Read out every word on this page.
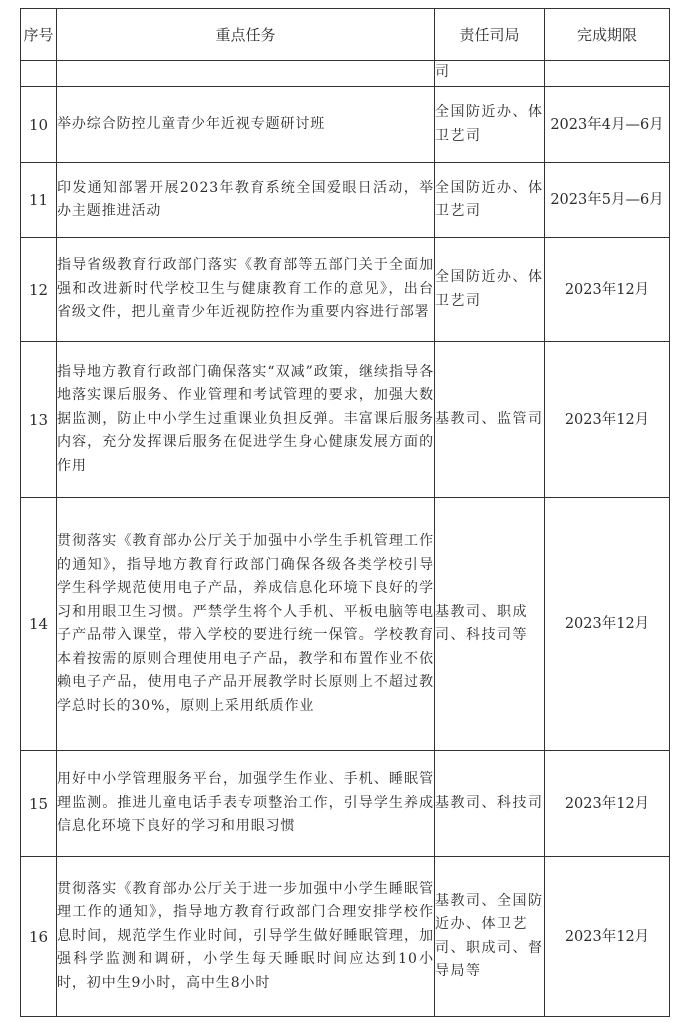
序号	重点任务	责任司局	完成期限
		司	
10	举办综合防控儿童青少年近视专题研讨班	全国防近办、体卫艺司	2023年4月—6月
11	印发通知部署开展2023年教育系统全国爱眼日活动，举办主题推进活动	全国防近办、体卫艺司	2023年5月—6月
12	指导省级教育行政部门落实《教育部等五部门关于全面加强和改进新时代学校卫生与健康教育工作的意见》，出台省级文件，把儿童青少年近视防控作为重要内容进行部署	全国防近办、体卫艺司	2023年12月
13	指导地方教育行政部门确保落实“双减”政策，继续指导各地落实课后服务、作业管理和考试管理的要求，加强大数据监测，防止中小学生过重课业负担反弹。丰富课后服务内容，充分发挥课后服务在促进学生身心健康发展方面的作用	基教司、监管司	2023年12月
14	贯彻落实《教育部办公厅关于加强中小学生手机管理工作的通知》，指导地方教育行政部门确保各级各类学校引导学生科学规范使用电子产品，养成信息化环境下良好的学习和用眼卫生习惯。严禁学生将个人手机、平板电脑等电子产品带入课堂，带入学校的要进行统一保管。学校教育本着按需的原则合理使用电子产品，教学和布置作业不依赖电子产品，使用电子产品开展教学时长原则上不超过教学总时长的30%，原则上采用纸质作业	基教司、职成司、科技司等	2023年12月
15	用好中小学管理服务平台，加强学生作业、手机、睡眠管理监测。推进儿童电话手表专项整治工作，引导学生养成信息化环境下良好的学习和用眼习惯	基教司、科技司	2023年12月
16	贯彻落实《教育部办公厅关于进一步加强中小学生睡眠管理工作的通知》，指导地方教育行政部门合理安排学校作息时间，规范学生作业时间，引导学生做好睡眠管理，加强科学监测和调研，小学生每天睡眠时间应达到10小时，初中生9小时，高中生8小时	基教司、全国防近办、体卫艺司、职成司、督导局等	2023年12月
